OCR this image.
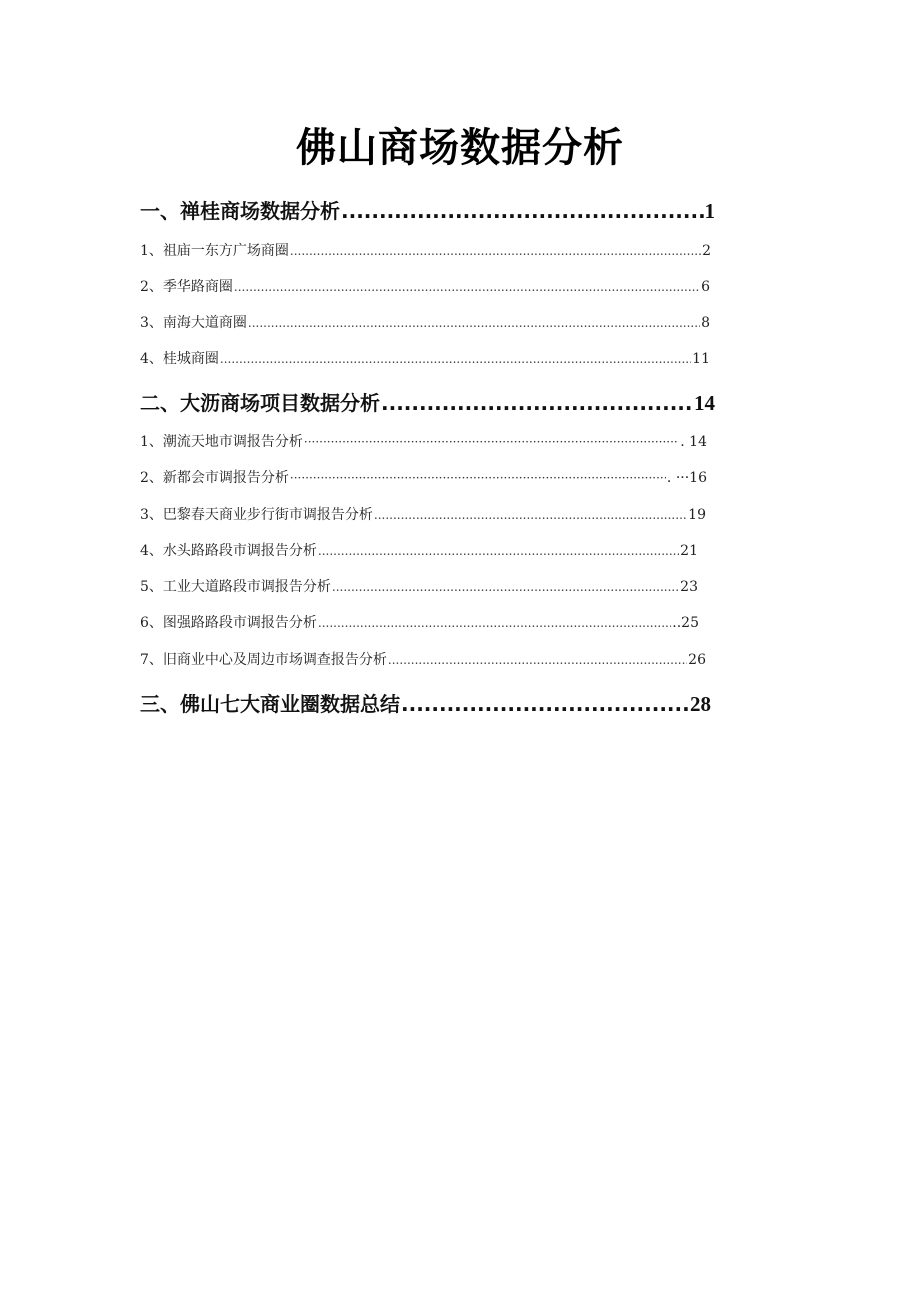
佛山商场数据分析
一、禅桂商场数据分析 .....	1
1、祖庙一东方广场商圈 .....	2
2、季华路商圈 .....	6
3、南海大道商圈 .....	8
4、桂城商圈 .....	11
二、大沥商场项目数据分析 .....	14
1、潮流天地市调报告分析 ·····	. 14
2、新都会市调报告分析 ·····	. ···16
3、巴黎春天商业步行街市调报告分析 .....	19
4、水头路路段市调报告分析 .....	21
5、工业大道路段市调报告分析 .....	23
6、图强路路段市调报告分析 .....	..25
7、旧商业中心及周边市场调查报告分析 .....	26
三、佛山七大商业圈数据总结 .....	28
